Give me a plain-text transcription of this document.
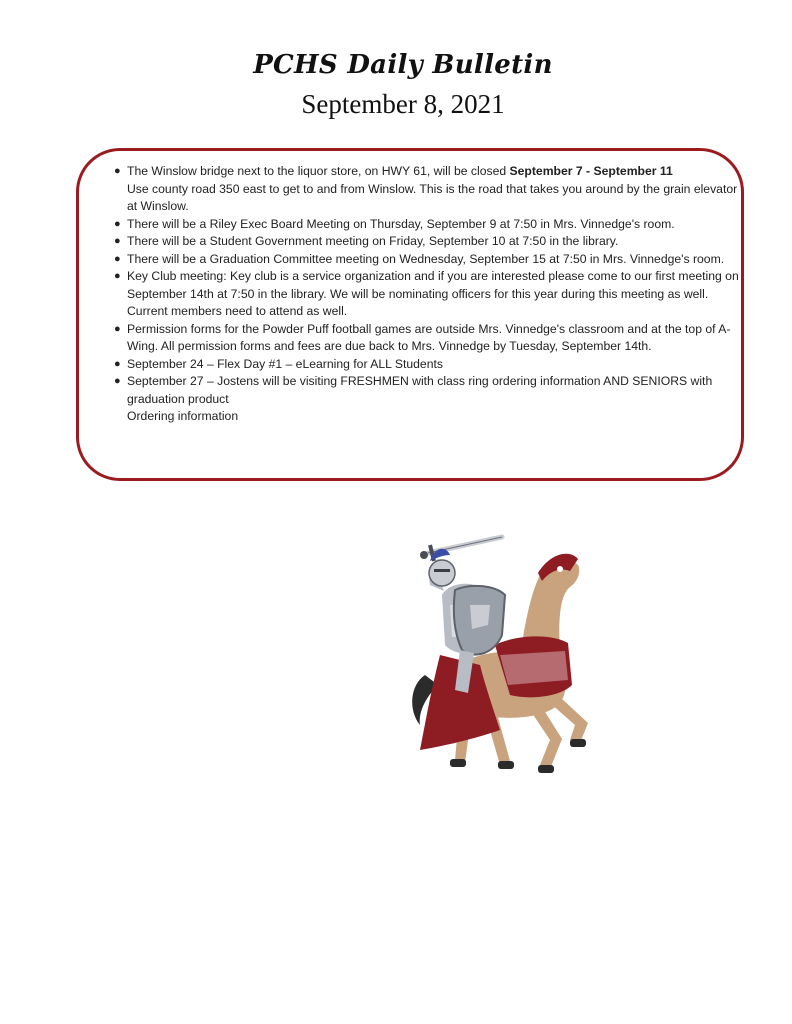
PCHS Daily Bulletin
September 8, 2021
● The Winslow bridge next to the liquor store, on HWY 61, will be closed September 7 - September 11
Use county road 350 east to get to and from Winslow. This is the road that takes you around by the grain elevator at Winslow.
● There will be a Riley Exec Board Meeting on Thursday, September 9 at 7:50 in Mrs. Vinnedge's room.
● There will be a Student Government meeting on Friday, September 10 at 7:50 in the library.
● There will be a Graduation Committee meeting on Wednesday, September 15 at 7:50 in Mrs. Vinnedge's room.
● Key Club meeting: Key club is a service organization and if you are interested please come to our first meeting on September 14th at 7:50 in the library. We will be nominating officers for this year during this meeting as well. Current members need to attend as well.
● Permission forms for the Powder Puff football games are outside Mrs. Vinnedge's classroom and at the top of A-Wing. All permission forms and fees are due back to Mrs. Vinnedge by Tuesday, September 14th.
● September 24 – Flex Day #1 – eLearning for ALL Students
● September 27 – Jostens will be visiting FRESHMEN with class ring ordering information AND SENIORS with graduation product
Ordering information
